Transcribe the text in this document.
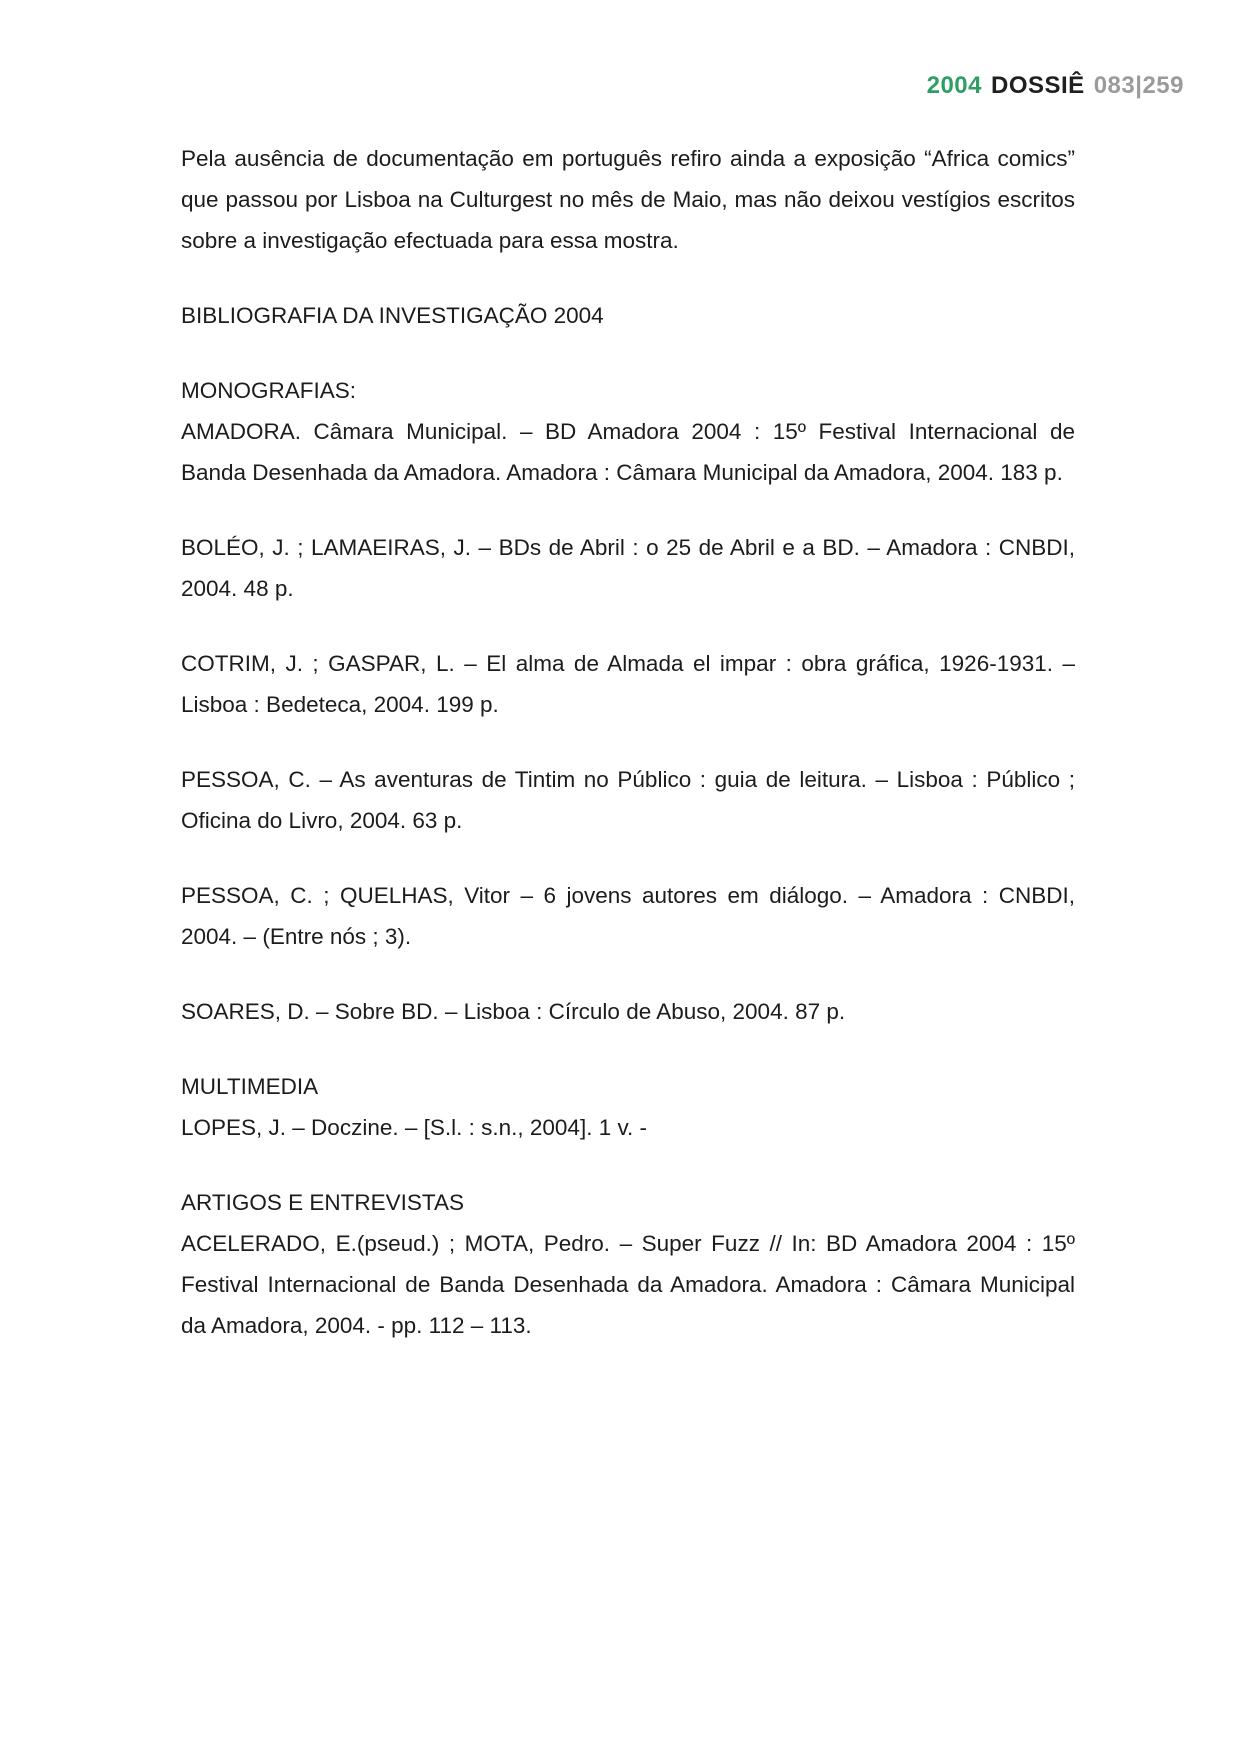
2004 DOSSIÊ 083|259

Pela ausência de documentação em português refiro ainda a exposição “Africa comics” que passou por Lisboa na Culturgest no mês de Maio, mas não deixou vestígios escritos sobre a investigação efectuada para essa mostra.

BIBLIOGRAFIA DA INVESTIGAÇÃO 2004

MONOGRAFIAS:

AMADORA. Câmara Municipal. – BD Amadora 2004 : 15º Festival Internacional de Banda Desenhada da Amadora. Amadora : Câmara Municipal da Amadora, 2004. 183 p.

BOLÉO, J. ; LAMAEIRAS, J. – BDs de Abril : o 25 de Abril e a BD. – Amadora : CNBDI, 2004. 48 p.

COTRIM, J. ; GASPAR, L. – El alma de Almada el impar : obra gráfica, 1926-1931. – Lisboa : Bedeteca, 2004. 199 p.

PESSOA, C. – As aventuras de Tintim no Público : guia de leitura. – Lisboa : Público ; Oficina do Livro, 2004. 63 p.

PESSOA, C. ; QUELHAS, Vitor – 6 jovens autores em diálogo. – Amadora : CNBDI, 2004. – (Entre nós ; 3).

SOARES, D. – Sobre BD. – Lisboa : Círculo de Abuso, 2004. 87 p.

MULTIMEDIA

LOPES, J. – Doczine. – [S.l. : s.n., 2004]. 1 v. -

ARTIGOS E ENTREVISTAS

ACELERADO, E.(pseud.) ; MOTA, Pedro. – Super Fuzz // In: BD Amadora 2004 : 15º Festival Internacional de Banda Desenhada da Amadora. Amadora : Câmara Municipal da Amadora, 2004. - pp. 112 – 113.
